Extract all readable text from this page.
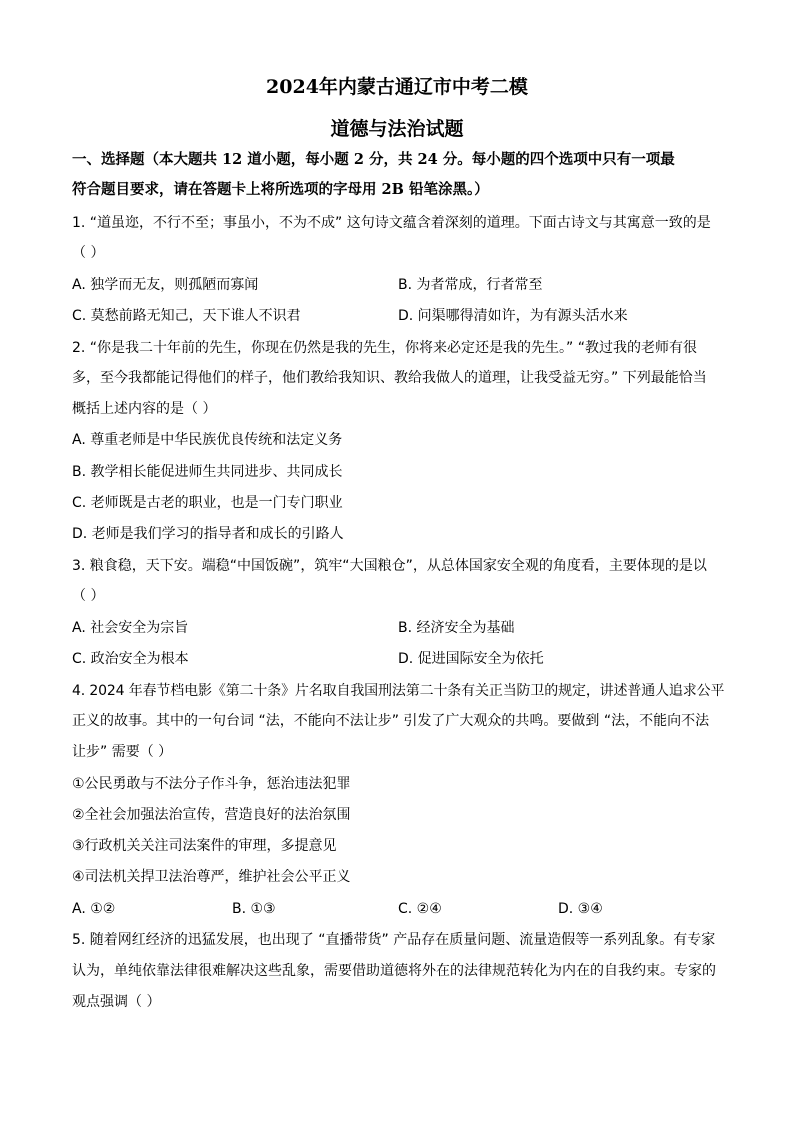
2024年内蒙古通辽市中考二模
道德与法治试题
一、选择题（本大题共 12 道小题，每小题 2 分，共 24 分。每小题的四个选项中只有一项最
符合题目要求，请在答题卡上将所选项的字母用 2B 铅笔涂黑。）
1. “道虽迩，不行不至；事虽小，不为不成” 这句诗文蕴含着深刻的道理。下面古诗文与其寓意一致的是
（ ）
A. 独学而无友，则孤陋而寡闻	B. 为者常成，行者常至
C. 莫愁前路无知己，天下谁人不识君	D. 问渠哪得清如许，为有源头活水来
2. “你是我二十年前的先生，你现在仍然是我的先生，你将来必定还是我的先生。” “教过我的老师有很
多，至今我都能记得他们的样子，他们教给我知识、教给我做人的道理，让我受益无穷。” 下列最能恰当
概括上述内容的是（ ）
A. 尊重老师是中华民族优良传统和法定义务
B. 教学相长能促进师生共同进步、共同成长
C. 老师既是古老的职业，也是一门专门职业
D. 老师是我们学习的指导者和成长的引路人
3. 粮食稳，天下安。端稳“中国饭碗”，筑牢“大国粮仓”，从总体国家安全观的角度看，主要体现的是以
（ ）
A. 社会安全为宗旨	B. 经济安全为基础
C. 政治安全为根本	D. 促进国际安全为依托
4. 2024 年春节档电影《第二十条》片名取自我国刑法第二十条有关正当防卫的规定，讲述普通人追求公平
正义的故事。其中的一句台词 “法，不能向不法让步” 引发了广大观众的共鸣。要做到 “法，不能向不法
让步” 需要（ ）
①公民勇敢与不法分子作斗争，惩治违法犯罪
②全社会加强法治宣传，营造良好的法治氛围
③行政机关关注司法案件的审理，多提意见
④司法机关捍卫法治尊严，维护社会公平正义
A. ①②	B. ①③	C. ②④	D. ③④
5. 随着网红经济的迅猛发展，也出现了 “直播带货” 产品存在质量问题、流量造假等一系列乱象。有专家
认为，单纯依靠法律很难解决这些乱象，需要借助道德将外在的法律规范转化为内在的自我约束。专家的
观点强调（ ）
